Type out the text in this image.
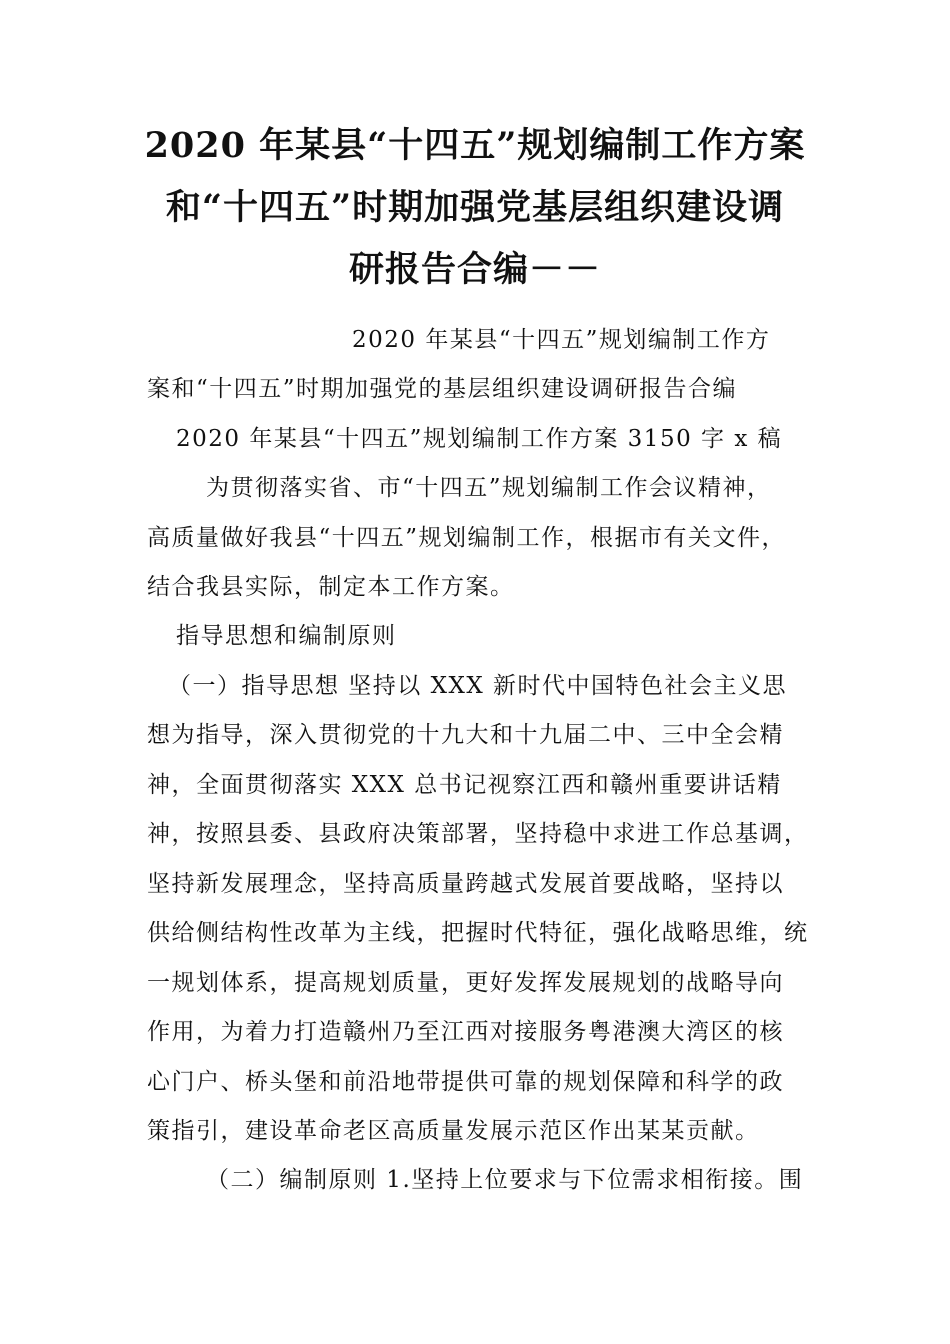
2020 年某县“十四五”规划编制工作方案
和“十四五”时期加强党基层组织建设调
研报告合编－－
2020 年某县“十四五”规划编制工作方
案和“十四五”时期加强党的基层组织建设调研报告合编
2020 年某县“十四五”规划编制工作方案 3150 字 x 稿
为贯彻落实省、市“十四五”规划编制工作会议精神，
高质量做好我县“十四五”规划编制工作，根据市有关文件，
结合我县实际，制定本工作方案。
指导思想和编制原则
（一）指导思想 坚持以 XXX 新时代中国特色社会主义思
想为指导，深入贯彻党的十九大和十九届二中、三中全会精
神，全面贯彻落实 XXX 总书记视察江西和赣州重要讲话精
神，按照县委、县政府决策部署，坚持稳中求进工作总基调，
坚持新发展理念，坚持高质量跨越式发展首要战略，坚持以
供给侧结构性改革为主线，把握时代特征，强化战略思维，统
一规划体系，提高规划质量，更好发挥发展规划的战略导向
作用，为着力打造赣州乃至江西对接服务粤港澳大湾区的核
心门户、桥头堡和前沿地带提供可靠的规划保障和科学的政
策指引，建设革命老区高质量发展示范区作出某某贡献。
（二）编制原则 1.坚持上位要求与下位需求相衔接。围
